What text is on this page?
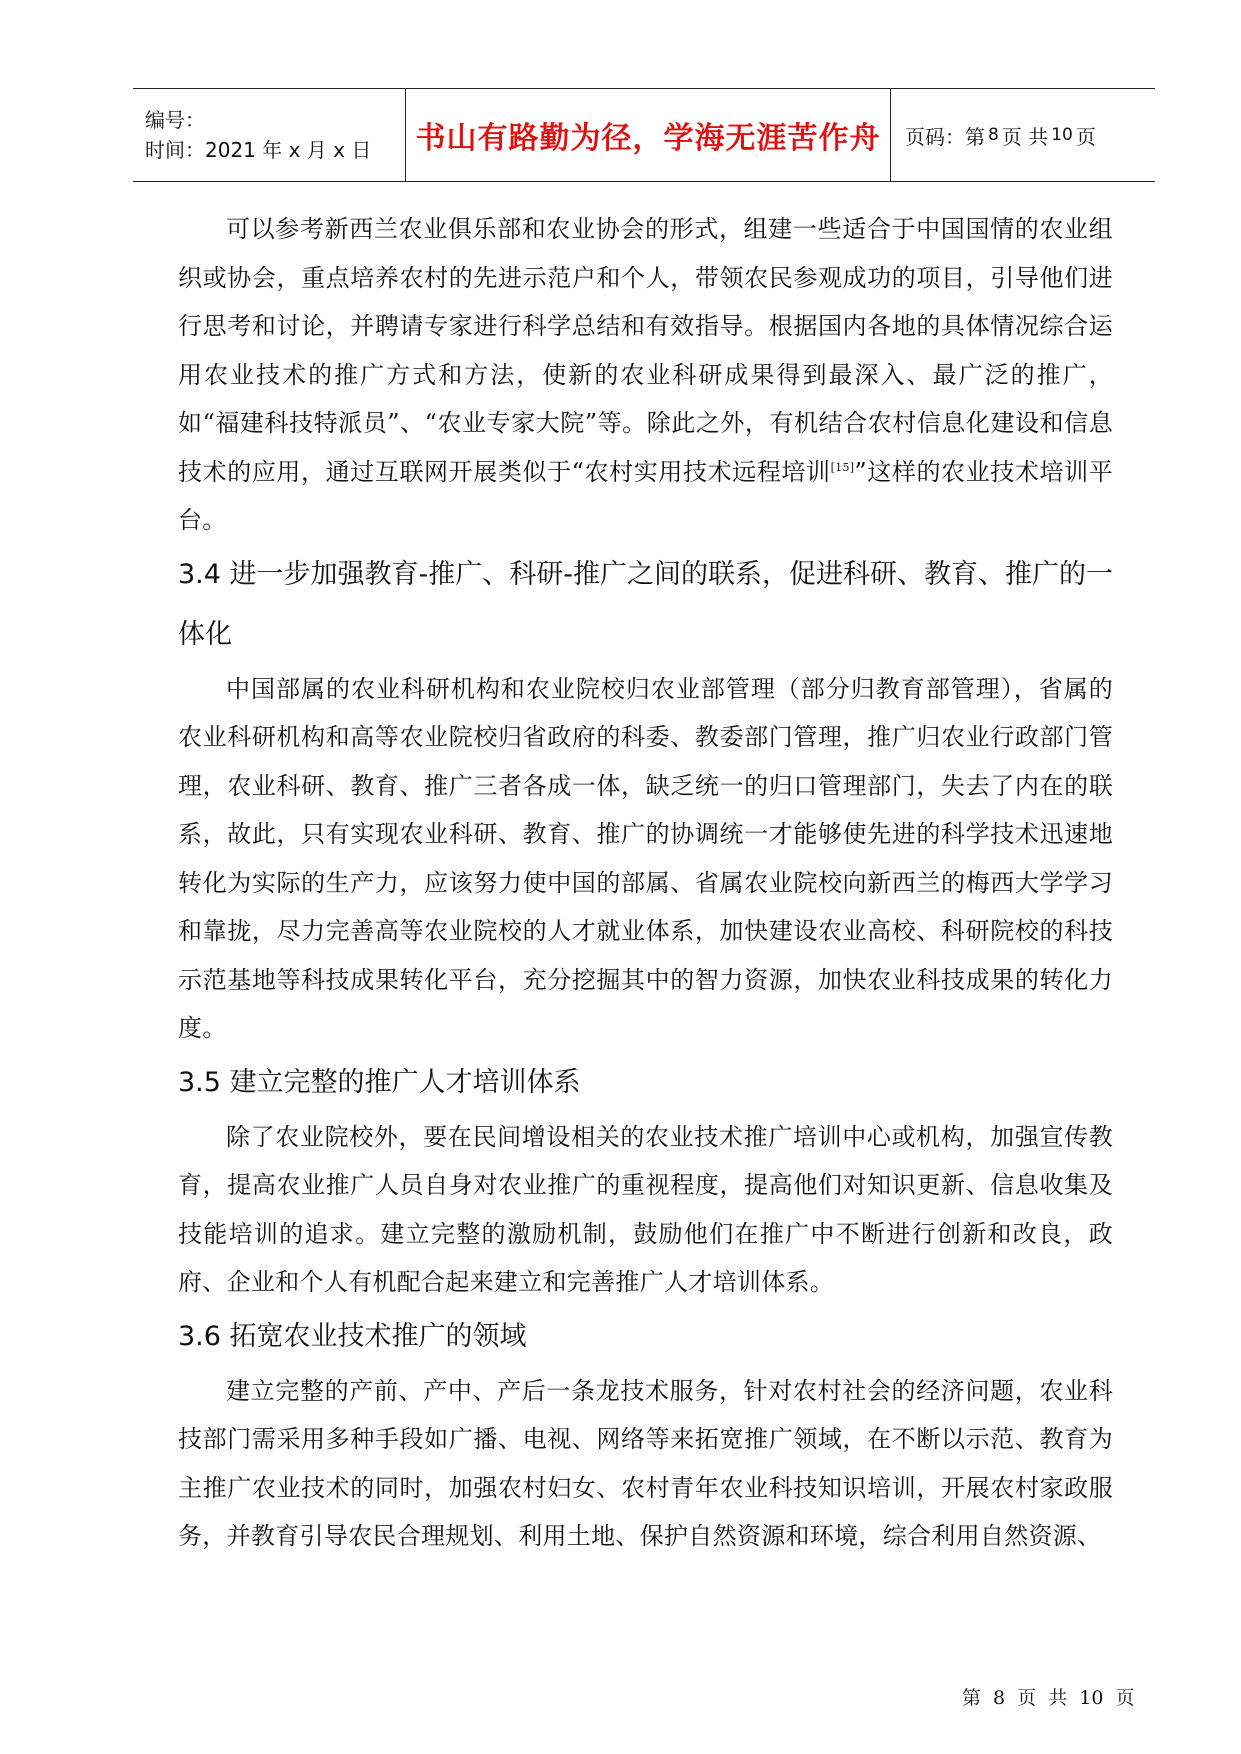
编号：
时间：2021 年 x 月 x 日	书山有路勤为径，学海无涯苦作舟	页码：第 8 页 共 10 页

可以参考新西兰农业俱乐部和农业协会的形式，组建一些适合于中国国情的农业组织或协会，重点培养农村的先进示范户和个人，带领农民参观成功的项目，引导他们进行思考和讨论，并聘请专家进行科学总结和有效指导。根据国内各地的具体情况综合运用农业技术的推广方式和方法，使新的农业科研成果得到最深入、最广泛的推广，如“福建科技特派员”、“农业专家大院”等。除此之外，有机结合农村信息化建设和信息技术的应用，通过互联网开展类似于“农村实用技术远程培训[15]”这样的农业技术培训平台。

3.4 进一步加强教育-推广、科研-推广之间的联系，促进科研、教育、推广的一体化

中国部属的农业科研机构和农业院校归农业部管理（部分归教育部管理），省属的农业科研机构和高等农业院校归省政府的科委、教委部门管理，推广归农业行政部门管理，农业科研、教育、推广三者各成一体，缺乏统一的归口管理部门，失去了内在的联系，故此，只有实现农业科研、教育、推广的协调统一才能够使先进的科学技术迅速地转化为实际的生产力，应该努力使中国的部属、省属农业院校向新西兰的梅西大学学习和靠拢，尽力完善高等农业院校的人才就业体系，加快建设农业高校、科研院校的科技示范基地等科技成果转化平台，充分挖掘其中的智力资源，加快农业科技成果的转化力度。

3.5 建立完整的推广人才培训体系

除了农业院校外，要在民间增设相关的农业技术推广培训中心或机构，加强宣传教育，提高农业推广人员自身对农业推广的重视程度，提高他们对知识更新、信息收集及技能培训的追求。建立完整的激励机制，鼓励他们在推广中不断进行创新和改良，政府、企业和个人有机配合起来建立和完善推广人才培训体系。

3.6 拓宽农业技术推广的领域

建立完整的产前、产中、产后一条龙技术服务，针对农村社会的经济问题，农业科技部门需采用多种手段如广播、电视、网络等来拓宽推广领域，在不断以示范、教育为主推广农业技术的同时，加强农村妇女、农村青年农业科技知识培训，开展农村家政服务，并教育引导农民合理规划、利用土地、保护自然资源和环境，综合利用自然资源、

第 8 页 共 10 页
